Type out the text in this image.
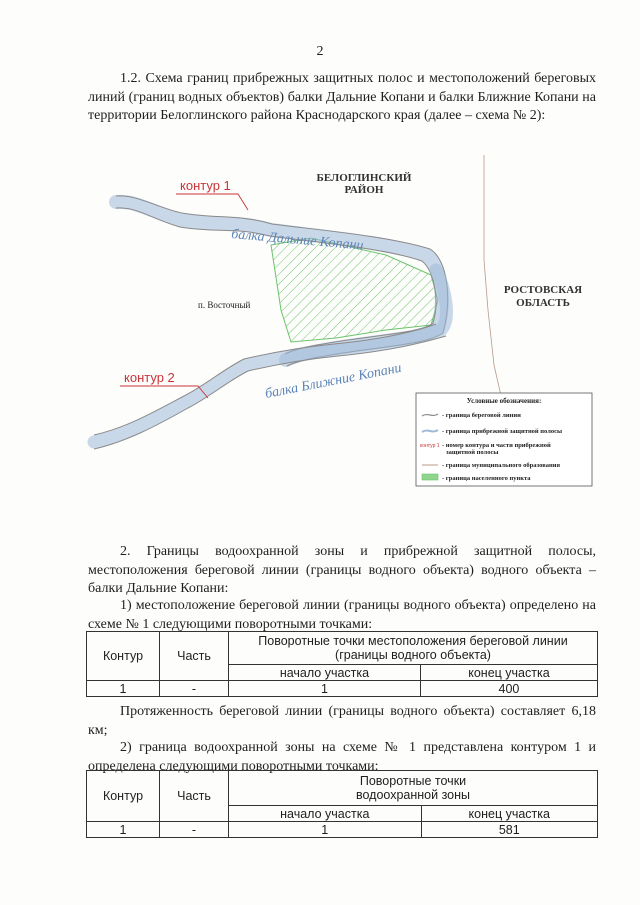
2

1.2. Схема границ прибрежных защитных полос и местоположений береговых линий (границ водных объектов) балки Дальние Копани и балки Ближние Копани на территории Белоглинского района Краснодарского края (далее – схема № 2):

БЕЛОГЛИНСКИЙ
РАЙОН
РОСТОВСКАЯ
ОБЛАСТЬ
п. Восточный
балка Дальние Копани
балка Ближние Копани
контур 1
контур 2
Условные обозначения:
- граница береговой линии
- граница прибрежной защитной полосы
контур 1 - номер контура и части прибрежной
защитной полосы
- граница муниципального образования
- граница населенного пункта

2. Границы водоохранной зоны и прибрежной защитной полосы, местоположения береговой линии (границы водного объекта) водного объекта – балки Дальние Копани:

1) местоположение береговой линии (границы водного объекта) определено на схеме № 1 следующими поворотными точками:

Контур	Часть	Поворотные точки местоположения береговой линии (границы водного объекта)	
		начало участка	конец участка
1	-	1	400

Протяженность береговой линии (границы водного объекта) составляет 6,18 км;

2) граница водоохранной зоны на схеме № 1 представлена контуром 1 и определена следующими поворотными точками:

Контур	Часть	Поворотные точки
водоохранной зоны	
		начало участка	конец участка
1	-	1	581
